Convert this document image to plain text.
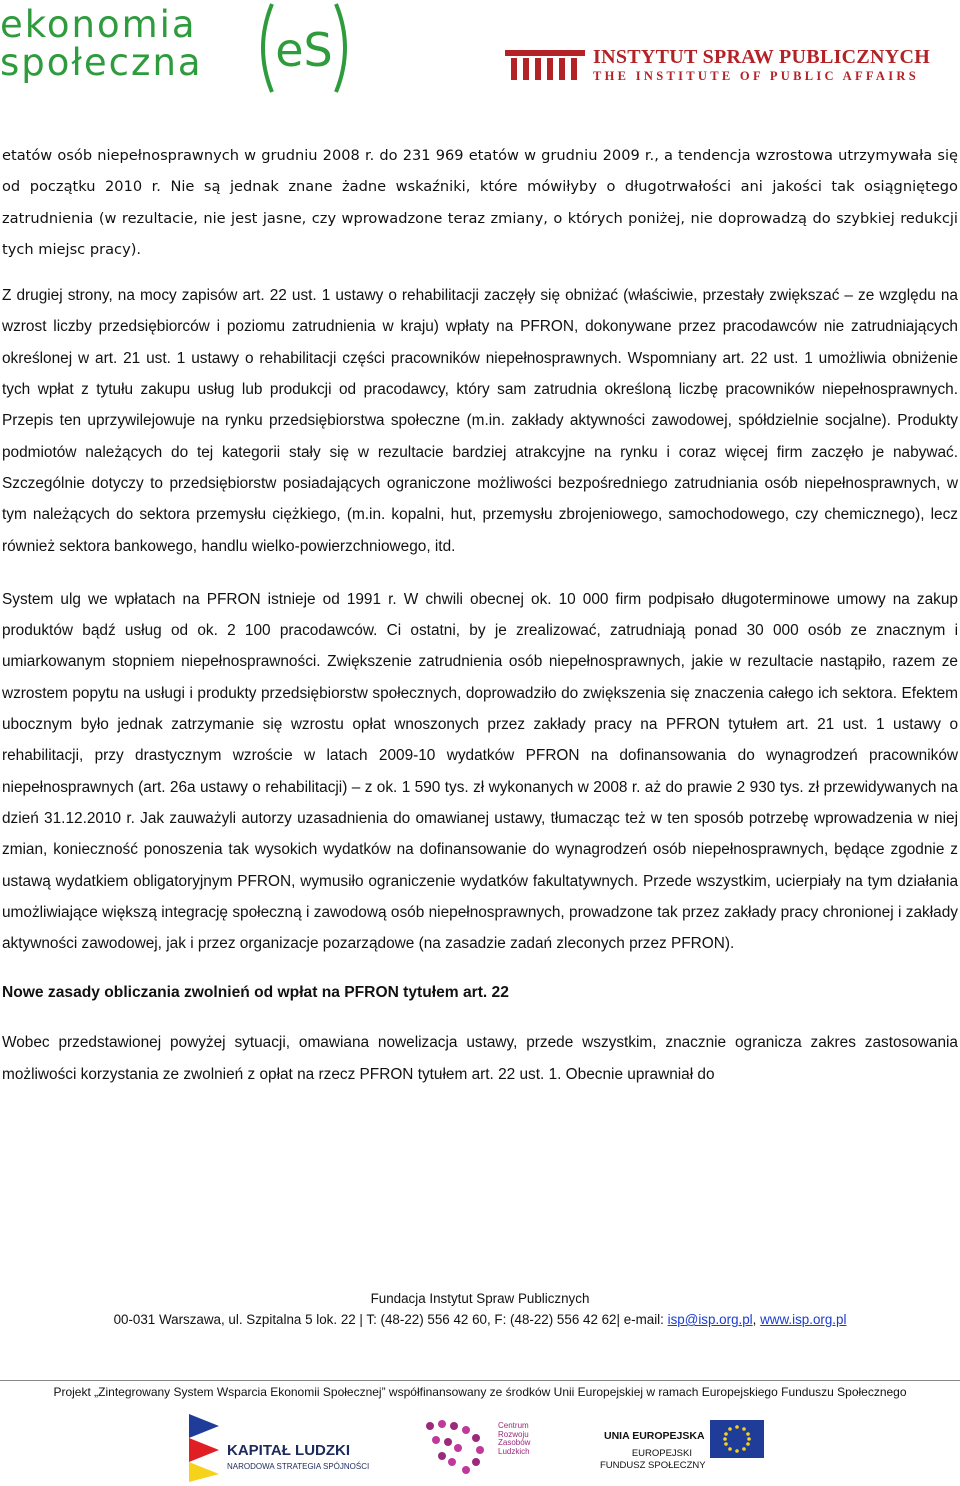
ekonomia
społeczna eS	INSTYTUT SPRAW PUBLICZNYCH
THE INSTITUTE OF PUBLIC AFFAIRS

etatów osób niepełnosprawnych w grudniu 2008 r. do 231 969 etatów w grudniu 2009 r., a tendencja wzrostowa utrzymywała się od początku 2010 r. Nie są jednak znane żadne wskaźniki, które mówiłyby o długotrwałości ani jakości tak osiągniętego zatrudnienia (w rezultacie, nie jest jasne, czy wprowadzone teraz zmiany, o których poniżej, nie doprowadzą do szybkiej redukcji tych miejsc pracy).

Z drugiej strony, na mocy zapisów art. 22 ust. 1 ustawy o rehabilitacji zaczęły się obniżać (właściwie, przestały zwiększać – ze względu na wzrost liczby przedsiębiorców i poziomu zatrudnienia w kraju) wpłaty na PFRON, dokonywane przez pracodawców nie zatrudniających określonej w art. 21 ust. 1 ustawy o rehabilitacji części pracowników niepełnosprawnych. Wspomniany art. 22 ust. 1 umożliwia obniżenie tych wpłat z tytułu zakupu usług lub produkcji od pracodawcy, który sam zatrudnia określoną liczbę pracowników niepełnosprawnych. Przepis ten uprzywilejowuje na rynku przedsiębiorstwa społeczne (m.in. zakłady aktywności zawodowej, spółdzielnie socjalne). Produkty podmiotów należących do tej kategorii stały się w rezultacie bardziej atrakcyjne na rynku i coraz więcej firm zaczęło je nabywać. Szczególnie dotyczy to przedsiębiorstw posiadających ograniczone możliwości bezpośredniego zatrudniania osób niepełnosprawnych, w tym należących do sektora przemysłu ciężkiego, (m.in. kopalni, hut, przemysłu zbrojeniowego, samochodowego, czy chemicznego), lecz również sektora bankowego, handlu wielko-powierzchniowego, itd.

System ulg we wpłatach na PFRON istnieje od 1991 r. W chwili obecnej ok. 10 000 firm podpisało długoterminowe umowy na zakup produktów bądź usług od ok. 2 100 pracodawców. Ci ostatni, by je zrealizować, zatrudniają ponad 30 000 osób ze znacznym i umiarkowanym stopniem niepełnosprawności. Zwiększenie zatrudnienia osób niepełnosprawnych, jakie w rezultacie nastąpiło, razem ze wzrostem popytu na usługi i produkty przedsiębiorstw społecznych, doprowadziło do zwiększenia się znaczenia całego ich sektora. Efektem ubocznym było jednak zatrzymanie się wzrostu opłat wnoszonych przez zakłady pracy na PFRON tytułem art. 21 ust. 1 ustawy o rehabilitacji, przy drastycznym wzroście w latach 2009-10 wydatków PFRON na dofinansowania do wynagrodzeń pracowników niepełnosprawnych (art. 26a ustawy o rehabilitacji) – z ok. 1 590 tys. zł wykonanych w 2008 r. aż do prawie 2 930 tys. zł przewidywanych na dzień 31.12.2010 r. Jak zauważyli autorzy uzasadnienia do omawianej ustawy, tłumacząc też w ten sposób potrzebę wprowadzenia w niej zmian, konieczność ponoszenia tak wysokich wydatków na dofinansowanie do wynagrodzeń osób niepełnosprawnych, będące zgodnie z ustawą wydatkiem obligatoryjnym PFRON, wymusiło ograniczenie wydatków fakultatywnych. Przede wszystkim, ucierpiały na tym działania umożliwiające większą integrację społeczną i zawodową osób niepełnosprawnych, prowadzone tak przez zakłady pracy chronionej i zakłady aktywności zawodowej, jak i przez organizacje pozarządowe (na zasadzie zadań zleconych przez PFRON).

Nowe zasady obliczania zwolnień od wpłat na PFRON tytułem art. 22

Wobec przedstawionej powyżej sytuacji, omawiana nowelizacja ustawy, przede wszystkim, znacznie ogranicza zakres zastosowania możliwości korzystania ze zwolnień z opłat na rzecz PFRON tytułem art. 22 ust. 1. Obecnie uprawniał do

Fundacja Instytut Spraw Publicznych
00-031 Warszawa, ul. Szpitalna 5 lok. 22 | T: (48-22) 556 42 60, F: (48-22) 556 42 62| e-mail: isp@isp.org.pl, www.isp.org.pl
Projekt „Zintegrowany System Wsparcia Ekonomii Społecznej” współfinansowany ze środków Unii Europejskiej w ramach Europejskiego Funduszu Społecznego
KAPITAŁ LUDZKI
NARODOWA STRATEGIA SPÓJNOŚCI
Centrum
Rozwoju
Zasobów
Ludzkich
UNIA EUROPEJSKA
EUROPEJSKI
FUNDUSZ SPOŁECZNY
